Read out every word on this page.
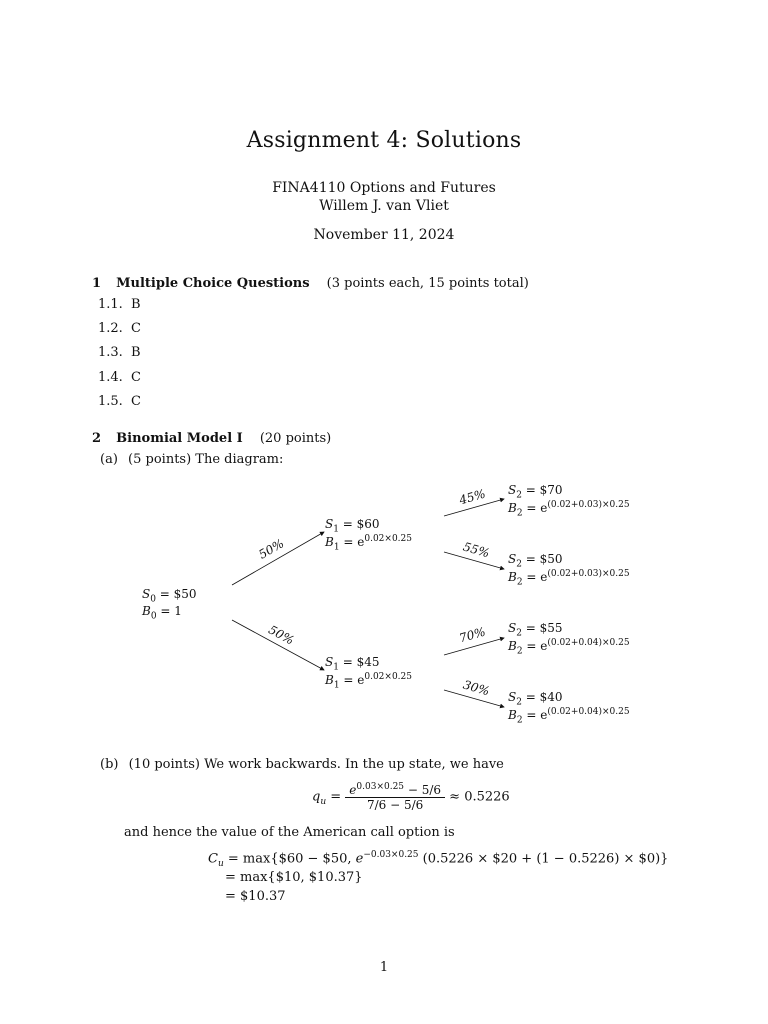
Assignment 4: Solutions
FINA4110 Options and Futures
Willem J. van Vliet
November 11, 2024
1 Multiple Choice Questions (3 points each, 15 points total)
1.1. B
1.2. C
1.3. B
1.4. C
1.5. C
2 Binomial Model I (20 points)
(a) (5 points) The diagram:
50%
50%
45%
55%
70%
30%
$S_0$ = $50
$B_0 = 1$
$S_1$ = $60
$B_1 = e^{0.02\times 0.25}$
$S_1$ = $45
$B_1 = e^{0.02\times 0.25}$
$S_2$ = $70
$B_2 = e^{(0.02+0.03)\times 0.25}$
$S_2$ = $50
$B_2 = e^{(0.02+0.03)\times 0.25}$
$S_2$ = $55
$B_2 = e^{(0.02+0.04)\times 0.25}$
$S_2$ = $40
$B_2 = e^{(0.02+0.04)\times 0.25}$
(b) (10 points) We work backwards. In the up state, we have
$q_u = \frac{e^{0.03\times 0.25} - 5/6}{7/6 - 5/6} \approx 0.5226$
and hence the value of the American call option is
$C_u$ = max{$60 − $50, $e^{-0.03\times 0.25}$ (0.5226 × $20 + (1 − 0.5226) × $0)}
= max{$10, $10.37}
= $10.37
1
